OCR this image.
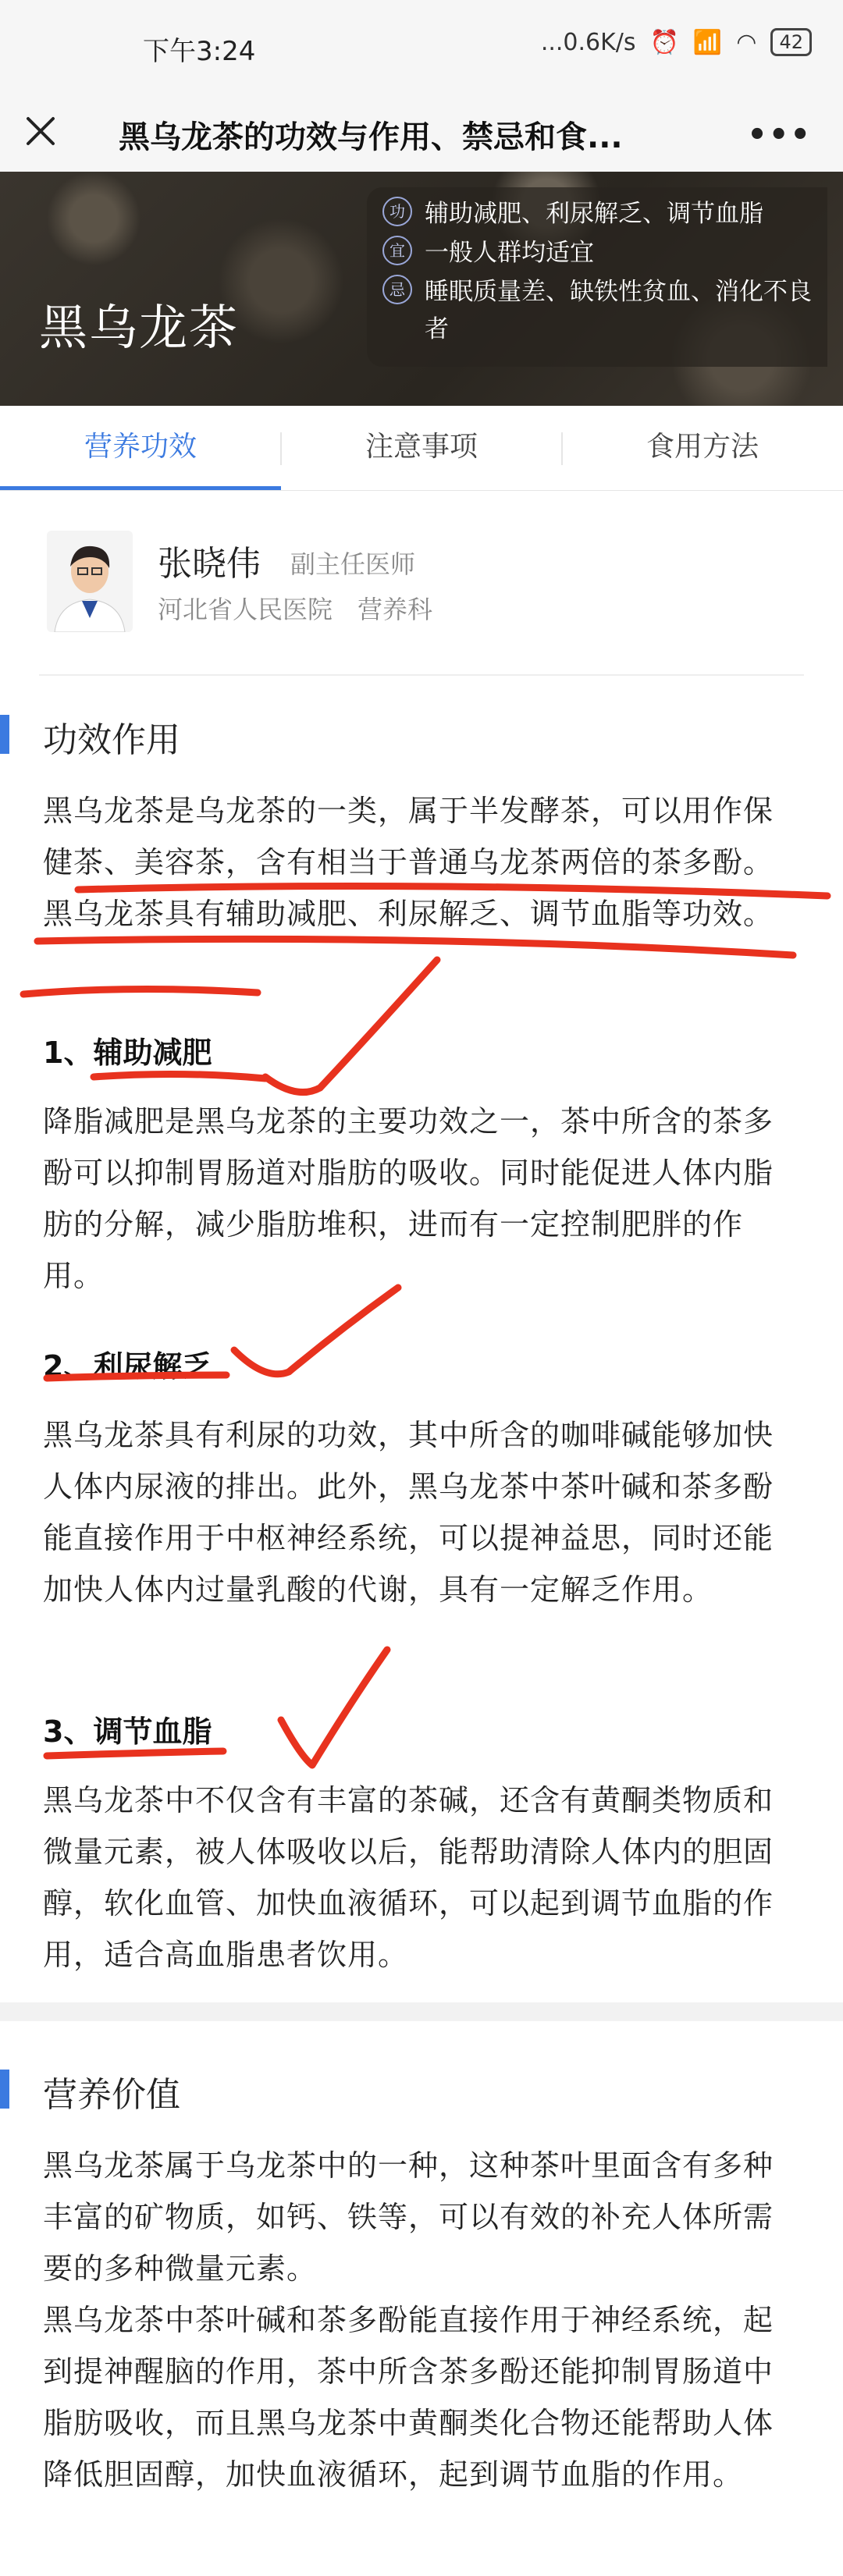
下午3:24	...0.6K/s ⏰ 📶 ◠	42
黑乌龙茶的功效与作用、禁忌和食...	•••
黑乌龙茶
功 辅助减肥、利尿解乏、调节血脂
宜 一般人群均适宜
忌 睡眠质量差、缺铁性贫血、消化不良者
营养功效	注意事项	食用方法
张晓伟 副主任医师
河北省人民医院　营养科
功效作用
黑乌龙茶是乌龙茶的一类，属于半发酵茶，可以用作保健茶、美容茶，含有相当于普通乌龙茶两倍的茶多酚。黑乌龙茶具有辅助减肥、利尿解乏、调节血脂等功效。
1、辅助减肥
降脂减肥是黑乌龙茶的主要功效之一，茶中所含的茶多酚可以抑制胃肠道对脂肪的吸收。同时能促进人体内脂肪的分解，减少脂肪堆积，进而有一定控制肥胖的作用。
2、利尿解乏
黑乌龙茶具有利尿的功效，其中所含的咖啡碱能够加快人体内尿液的排出。此外，黑乌龙茶中茶叶碱和茶多酚能直接作用于中枢神经系统，可以提神益思，同时还能加快人体内过量乳酸的代谢，具有一定解乏作用。
3、调节血脂
黑乌龙茶中不仅含有丰富的茶碱，还含有黄酮类物质和微量元素，被人体吸收以后，能帮助清除人体内的胆固醇，软化血管、加快血液循环，可以起到调节血脂的作用，适合高血脂患者饮用。
营养价值
黑乌龙茶属于乌龙茶中的一种，这种茶叶里面含有多种丰富的矿物质，如钙、铁等，可以有效的补充人体所需要的多种微量元素。
黑乌龙茶中茶叶碱和茶多酚能直接作用于神经系统，起到提神醒脑的作用，茶中所含茶多酚还能抑制胃肠道中脂肪吸收，而且黑乌龙茶中黄酮类化合物还能帮助人体降低胆固醇，加快血液循环，起到调节血脂的作用。
